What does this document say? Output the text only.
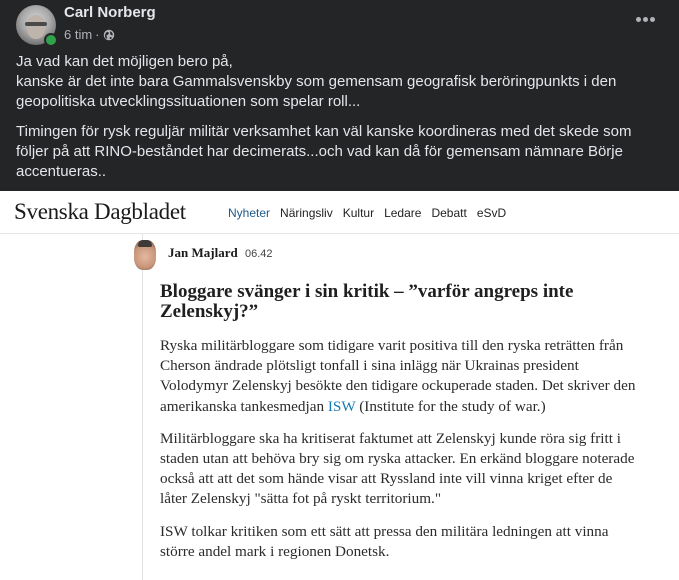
Carl Norberg
6 tim ·

Ja vad kan det möjligen bero på,
kanske är det inte bara Gammalsvenskby som gemensam geografisk beröringpunkts i den geopolitiska utvecklingssituationen som spelar roll...

Timingen för rysk reguljär militär verksamhet kan väl kanske koordineras med det skede som följer på att RINO-beståndet har decimerats...och vad kan då för gemensam nämnare Börje accentueras..

Svenska Dagbladet	Nyheter Näringsliv Kultur Ledare Debatt eSvD
Jan Majlard 06.42
Bloggare svänger i sin kritik – ”varför angreps inte Zelenskyj?”

Ryska militärbloggare som tidigare varit positiva till den ryska reträtten från Cherson ändrade plötsligt tonfall i sina inlägg när Ukrainas president Volodymyr Zelenskyj besökte den tidigare ockuperade staden. Det skriver den amerikanska tankesmedjan ISW (Institute for the study of war.)

Militärbloggare ska ha kritiserat faktumet att Zelenskyj kunde röra sig fritt i staden utan att behöva bry sig om ryska attacker. En erkänd bloggare noterade också att att det som hände visar att Ryssland inte vill vinna kriget efter de låter Zelenskyj "sätta fot på ryskt territorium."

ISW tolkar kritiken som ett sätt att pressa den militära ledningen att vinna större andel mark i regionen Donetsk.
